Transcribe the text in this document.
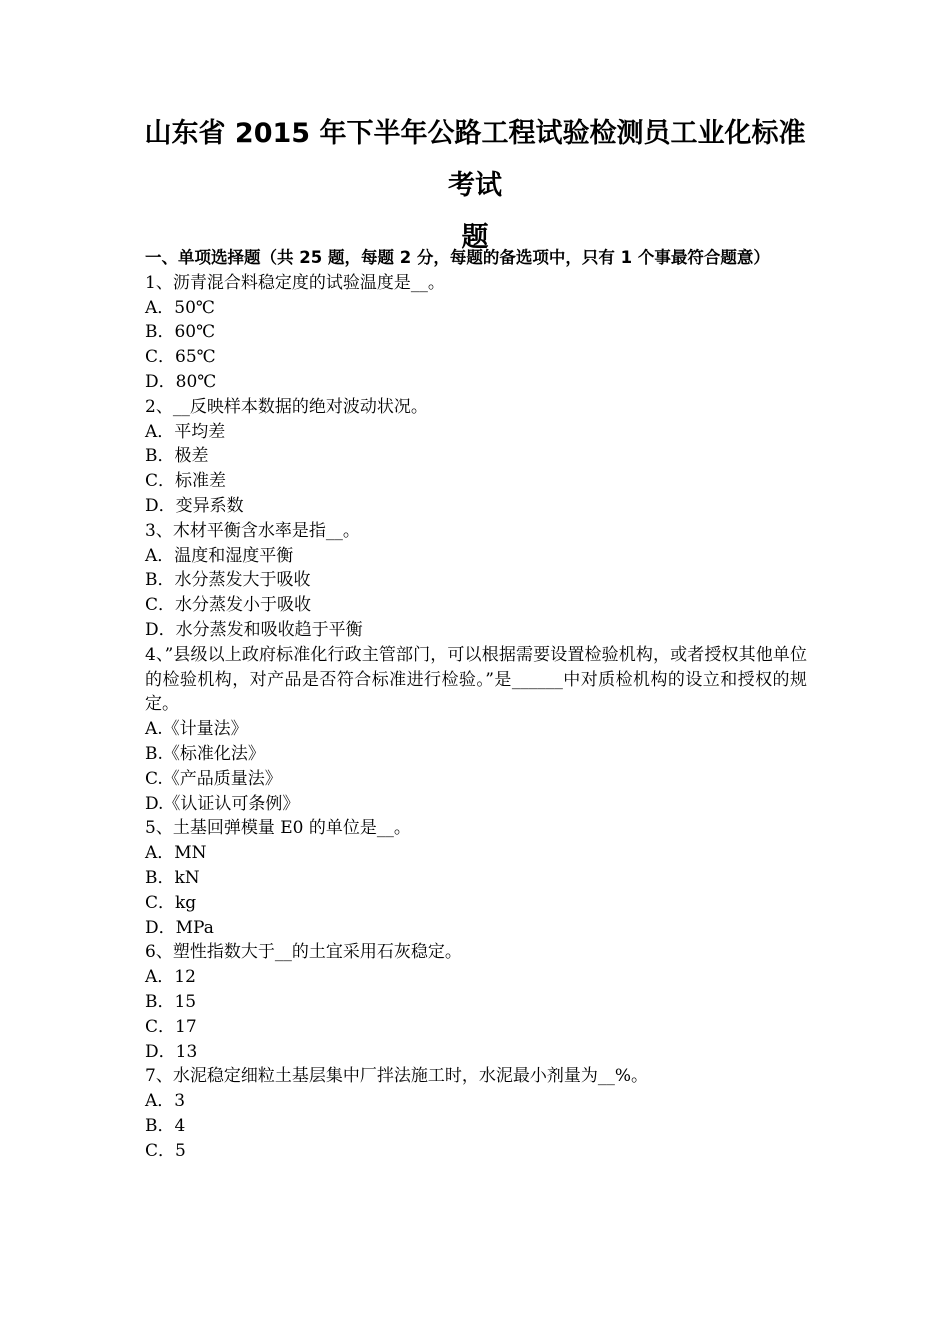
山东省 2015 年下半年公路工程试验检测员工业化标准考试
题
一、单项选择题（共 25 题，每题 2 分，每题的备选项中，只有 1 个事最符合题意）
1、沥青混合料稳定度的试验温度是__。
A．50℃
B．60℃
C．65℃
D．80℃
2、__反映样本数据的绝对波动状况。
A．平均差
B．极差
C．标准差
D．变异系数
3、木材平衡含水率是指__。
A．温度和湿度平衡
B．水分蒸发大于吸收
C．水分蒸发小于吸收
D．水分蒸发和吸收趋于平衡
4、”县级以上政府标准化行政主管部门，可以根据需要设置检验机构，或者授权其他单位的检验机构，对产品是否符合标准进行检验。”是______中对质检机构的设立和授权的规定。
A.《计量法》
B.《标准化法》
C.《产品质量法》
D.《认证认可条例》
5、土基回弹模量 E0 的单位是__。
A．MN
B．kN
C．kg
D．MPa
6、塑性指数大于__的土宜采用石灰稳定。
A．12
B．15
C．17
D．13
7、水泥稳定细粒土基层集中厂拌法施工时，水泥最小剂量为__%。
A．3
B．4
C．5
